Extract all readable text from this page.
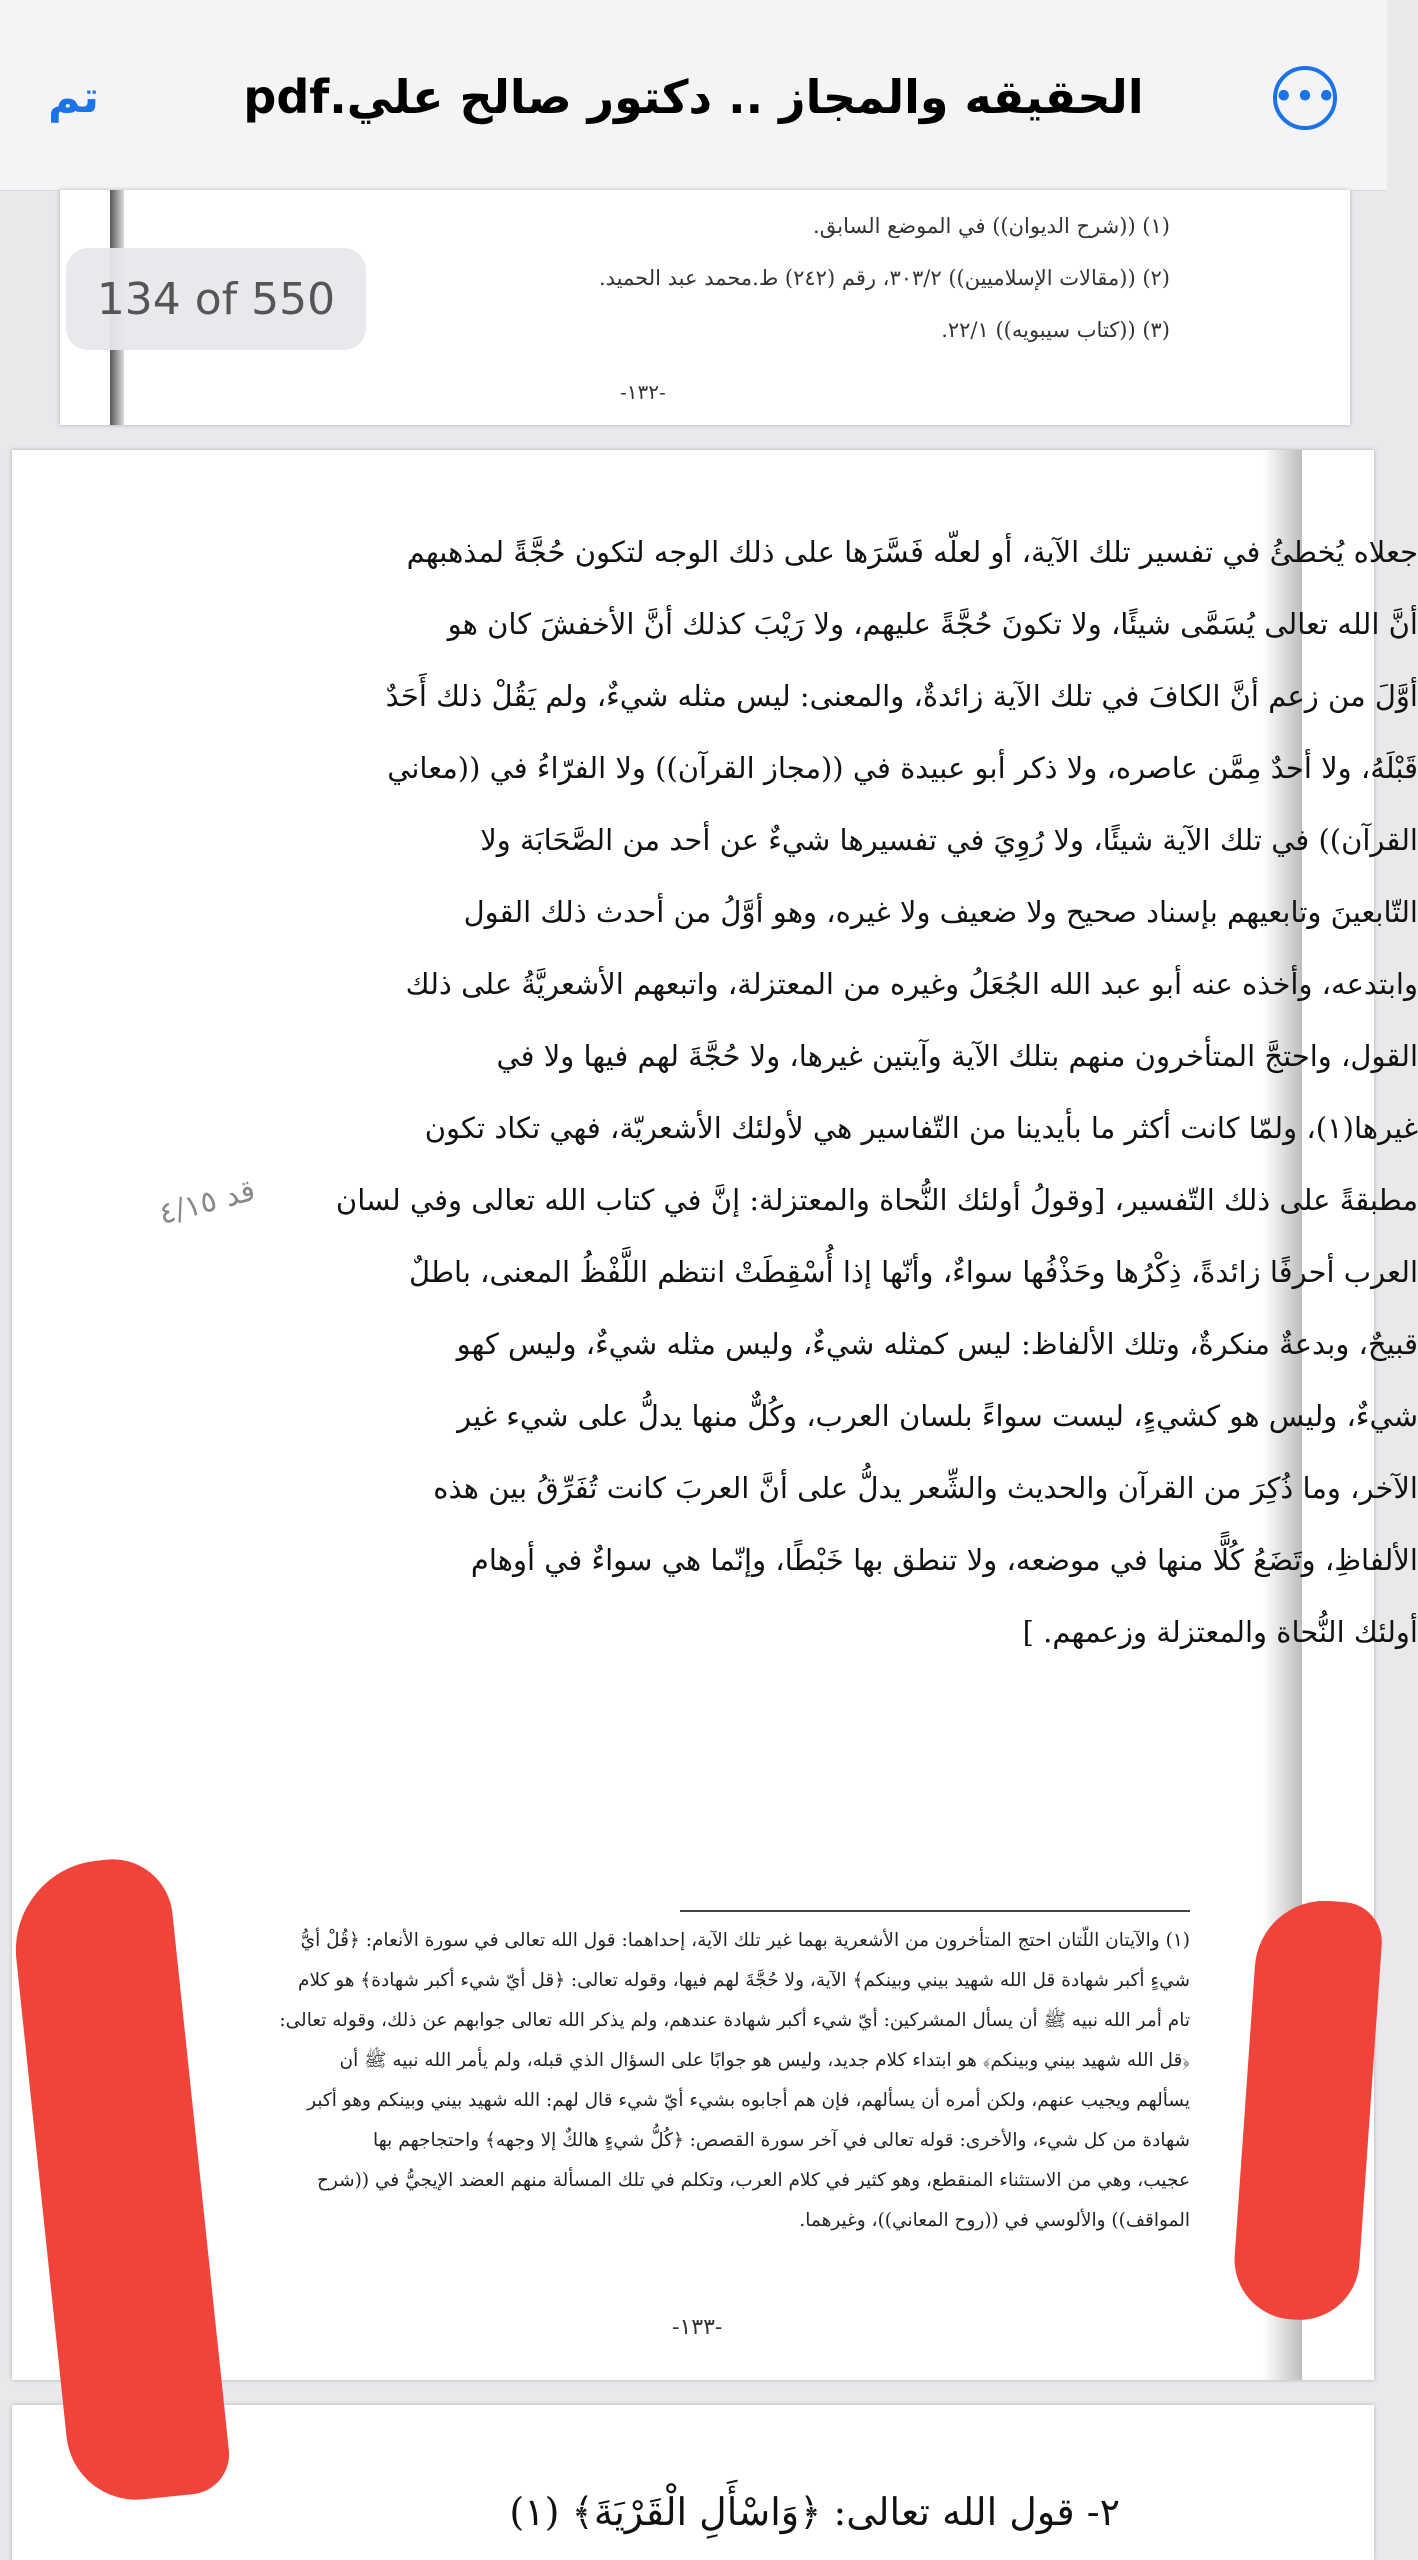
تم	الحقيقه والمجاز .. دكتور صالح علي.pdf	•••
(١) ((شرح الديوان)) في الموضع السابق.
(٢) ((مقالات الإسلاميين)) ٣٠٣/٢، رقم (٢٤٢) ط.محمد عبد الحميد.
(٣) ((كتاب سيبويه)) ٢٢/١.
-١٣٢-
134 of 550
جعلاه يُخطئُ في تفسير تلك الآية، أو لعلّه فَسَّرَها على ذلك الوجه لتكون حُجَّةً لمذهبهم
أنَّ الله تعالى يُسَمَّى شيئًا، ولا تكونَ حُجَّةً عليهم، ولا رَيْبَ كذلك أنَّ الأخفشَ كان هو
أوَّلَ من زعم أنَّ الكافَ في تلك الآية زائدةٌ، والمعنى: ليس مثله شيءٌ، ولم يَقُلْ ذلك أَحَدٌ
قَبْلَهُ، ولا أحدٌ مِمَّن عاصره، ولا ذكر أبو عبيدة في ((مجاز القرآن)) ولا الفرّاءُ في ((معاني
القرآن)) في تلك الآية شيئًا، ولا رُوِيَ في تفسيرها شيءٌ عن أحد من الصَّحَابَة ولا
التّابعينَ وتابعيهم بإسناد صحيح ولا ضعيف ولا غيره، وهو أوَّلُ من أحدث ذلك القول
وابتدعه، وأخذه عنه أبو عبد الله الجُعَلُ وغيره من المعتزلة، واتبعهم الأشعريَّةُ على ذلك
القول، واحتجَّ المتأخرون منهم بتلك الآية وآيتين غيرها، ولا حُجَّةَ لهم فيها ولا في
غيرها(١)، ولمّا كانت أكثر ما بأيدينا من التّفاسير هي لأولئك الأشعريّة، فهي تكاد تكون
مطبقةً على ذلك التّفسير، [وقولُ أولئك النُّحاة والمعتزلة: إنَّ في كتاب الله تعالى وفي لسان
العرب أحرفًا زائدةً، ذِكْرُها وحَذْفُها سواءٌ، وأنّها إذا أُسْقِطَتْ انتظم اللَّفْظُ المعنى، باطلٌ
قبيحٌ، وبدعةٌ منكرةٌ، وتلك الألفاظ: ليس كمثله شيءٌ، وليس مثله شيءٌ، وليس كهو
شيءٌ، وليس هو كشيءٍ، ليست سواءً بلسان العرب، وكُلٌّ منها يدلُّ على شيء غير
الآخر، وما ذُكِرَ من القرآن والحديث والشِّعر يدلُّ على أنَّ العربَ كانت تُفَرِّقُ بين هذه
الألفاظِ، وتَضَعُ كُلًّا منها في موضعه، ولا تنطق بها خَبْطًا، وإنّما هي سواءٌ في أوهام
أولئك النُّحاة والمعتزلة وزعمهم. ]
قد ٤/١٥
(١) والآيتان اللّتان احتج المتأخرون من الأشعرية بهما غير تلك الآية، إحداهما: قول الله تعالى في سورة الأنعام: ﴿قُلْ أيُّ
شيءٍ أكبر شهادة قل الله شهيد بيني وبينكم﴾ الآية، ولا حُجَّةَ لهم فيها، وقوله تعالى: ﴿قل أيّ شيء أكبر شهادة﴾ هو كلام
تام أمر الله نبيه ﷺ أن يسأل المشركين: أيّ شيء أكبر شهادة عندهم، ولم يذكر الله تعالى جوابهم عن ذلك، وقوله تعالى:
﴿قل الله شهيد بيني وبينكم﴾ هو ابتداء كلام جديد، وليس هو جوابًا على السؤال الذي قبله، ولم يأمر الله نبيه ﷺ أن
يسألهم ويجيب عنهم، ولكن أمره أن يسألهم، فإن هم أجابوه بشيء أيّ شيء قال لهم: الله شهيد بيني وبينكم وهو أكبر
شهادة من كل شيء، والأخرى: قوله تعالى في آخر سورة القصص: ﴿كُلُّ شيءٍ هالكٌ إلا وجهه﴾ واحتجاجهم بها
عجيب، وهي من الاستثناء المنقطع، وهو كثير في كلام العرب، وتكلم في تلك المسألة منهم العضد الإيجيُّ في ((شرح
المواقف)) والألوسي في ((روح المعاني))، وغيرهما.
-١٣٣-
٢- قول الله تعالى: ﴿وَاسْأَلِ الْقَرْيَةَ﴾ (١)
